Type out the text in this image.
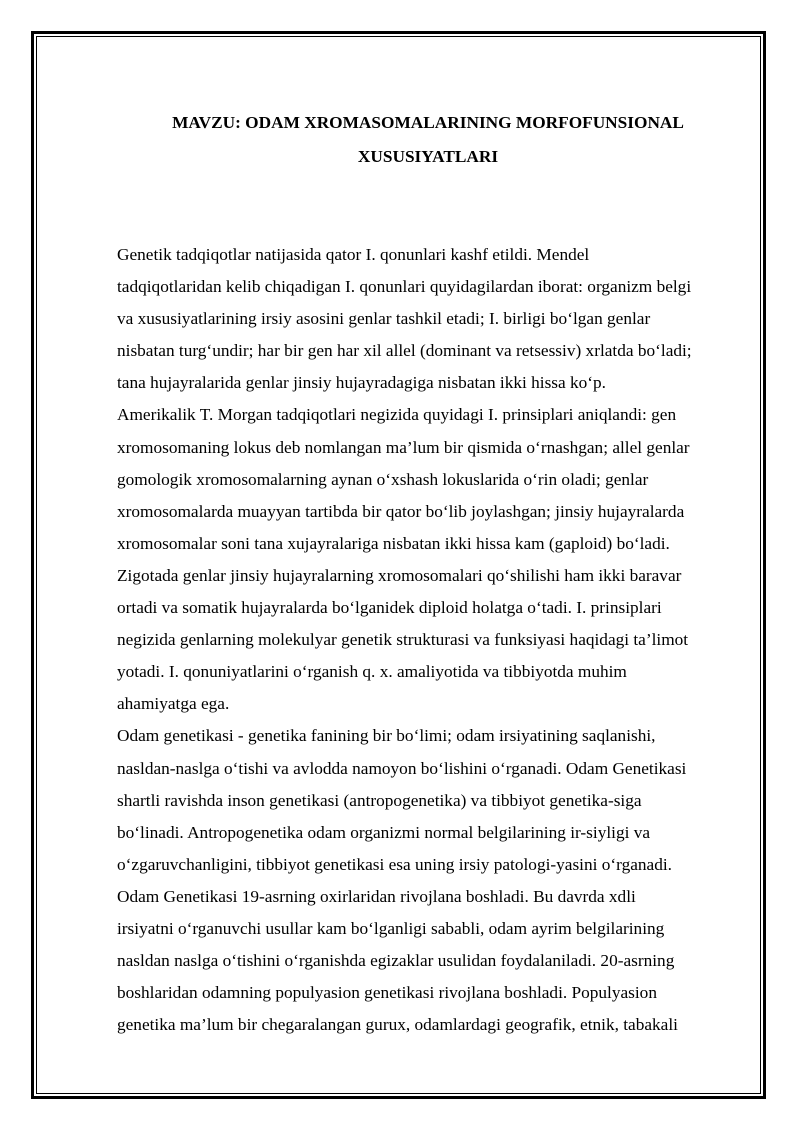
MAVZU: ODAM XROMASOMALARINING MORFOFUNSIONAL
XUSUSIYATLARI
Genetik tadqiqotlar natijasida qator I. qonunlari kashf etildi. Mendel
tadqiqotlaridan kelib chiqadigan I. qonunlari quyidagilardan iborat: organizm belgi
va xususiyatlarining irsiy asosini genlar tashkil etadi; I. birligi bo‘lgan genlar
nisbatan turg‘undir; har bir gen har xil allel (dominant va retsessiv) xrlatda bo‘ladi;
tana hujayralarida genlar jinsiy hujayradagiga nisbatan ikki hissa ko‘p.
Amerikalik T. Morgan tadqiqotlari negizida quyidagi I. prinsiplari aniqlandi: gen
xromosomaning lokus deb nomlangan ma’lum bir qismida o‘rnashgan; allel genlar
gomologik xromosomalarning aynan o‘xshash lokuslarida o‘rin oladi; genlar
xromosomalarda muayyan tartibda bir qator bo‘lib joylashgan; jinsiy hujayralarda
xromosomalar soni tana xujayralariga nisbatan ikki hissa kam (gaploid) bo‘ladi.
Zigotada genlar jinsiy hujayralarning xromosomalari qo‘shilishi ham ikki baravar
ortadi va somatik hujayralarda bo‘lganidek diploid holatga o‘tadi. I. prinsiplari
negizida genlarning molekulyar genetik strukturasi va funksiyasi haqidagi ta’limot
yotadi. I. qonuniyatlarini o‘rganish q. x. amaliyotida va tibbiyotda muhim
ahamiyatga ega.
Odam genetikasi - genetika fanining bir bo‘limi; odam irsiyatining saqlanishi,
nasldan-naslga o‘tishi va avlodda namoyon bo‘lishini o‘rganadi. Odam Genetikasi
shartli ravishda inson genetikasi (antropogenetika) va tibbiyot genetika-siga
bo‘linadi. Antropogenetika odam organizmi normal belgilarining ir-siyligi va
o‘zgaruvchanligini, tibbiyot genetikasi esa uning irsiy patologi-yasini o‘rganadi.
Odam Genetikasi 19-asrning oxirlaridan rivojlana boshladi. Bu davrda xdli
irsiyatni o‘rganuvchi usullar kam bo‘lganligi sababli, odam ayrim belgilarining
nasldan naslga o‘tishini o‘rganishda egizaklar usulidan foydalaniladi. 20-asrning
boshlaridan odamning populyasion genetikasi rivojlana boshladi. Populyasion
genetika ma’lum bir chegaralangan gurux, odamlardagi geografik, etnik, tabakali
